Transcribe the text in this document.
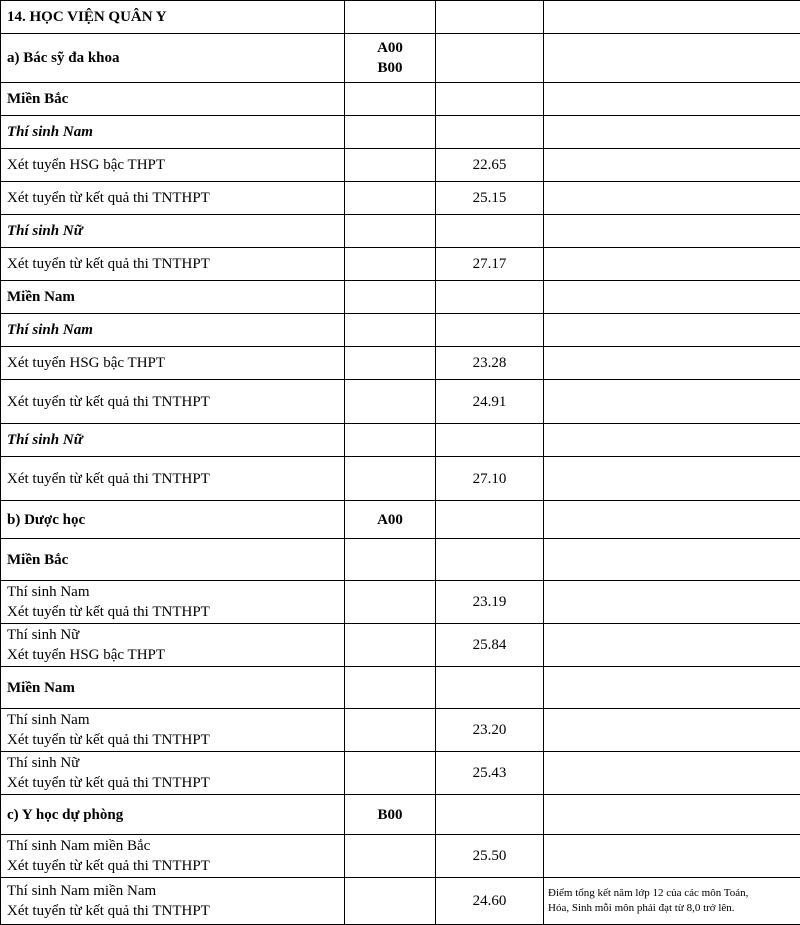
14. HỌC VIỆN QUÂN Y			

a) Bác sỹ đa khoa	A00
B00		

Miền Bắc			

Thí sinh Nam			

Xét tuyển HSG bậc THPT		22.65	

Xét tuyển từ kết quả thi TNTHPT		25.15	

Thí sinh Nữ			

Xét tuyển từ kết quả thi TNTHPT		27.17	

Miền Nam			

Thí sinh Nam			

Xét tuyển HSG bậc THPT		23.28	

Xét tuyển từ kết quả thi TNTHPT		24.91	

Thí sinh Nữ			

Xét tuyển từ kết quả thi TNTHPT		27.10	

b) Dược học	A00		

Miền Bắc			

Thí sinh Nam
Xét tuyển từ kết quả thi TNTHPT		23.19	

Thí sinh Nữ
Xét tuyển HSG bậc THPT		25.84	

Miền Nam			

Thí sinh Nam
Xét tuyển từ kết quả thi TNTHPT		23.20	

Thí sinh Nữ
Xét tuyển từ kết quả thi TNTHPT		25.43	

c) Y học dự phòng	B00		

Thí sinh Nam miền Bắc
Xét tuyển từ kết quả thi TNTHPT		25.50	

Thí sinh Nam miền Nam
Xét tuyển từ kết quả thi TNTHPT		24.60	Điểm tổng kết năm lớp 12 của các môn Toán,
Hóa, Sinh mỗi môn phải đạt từ 8,0 trở lên.
